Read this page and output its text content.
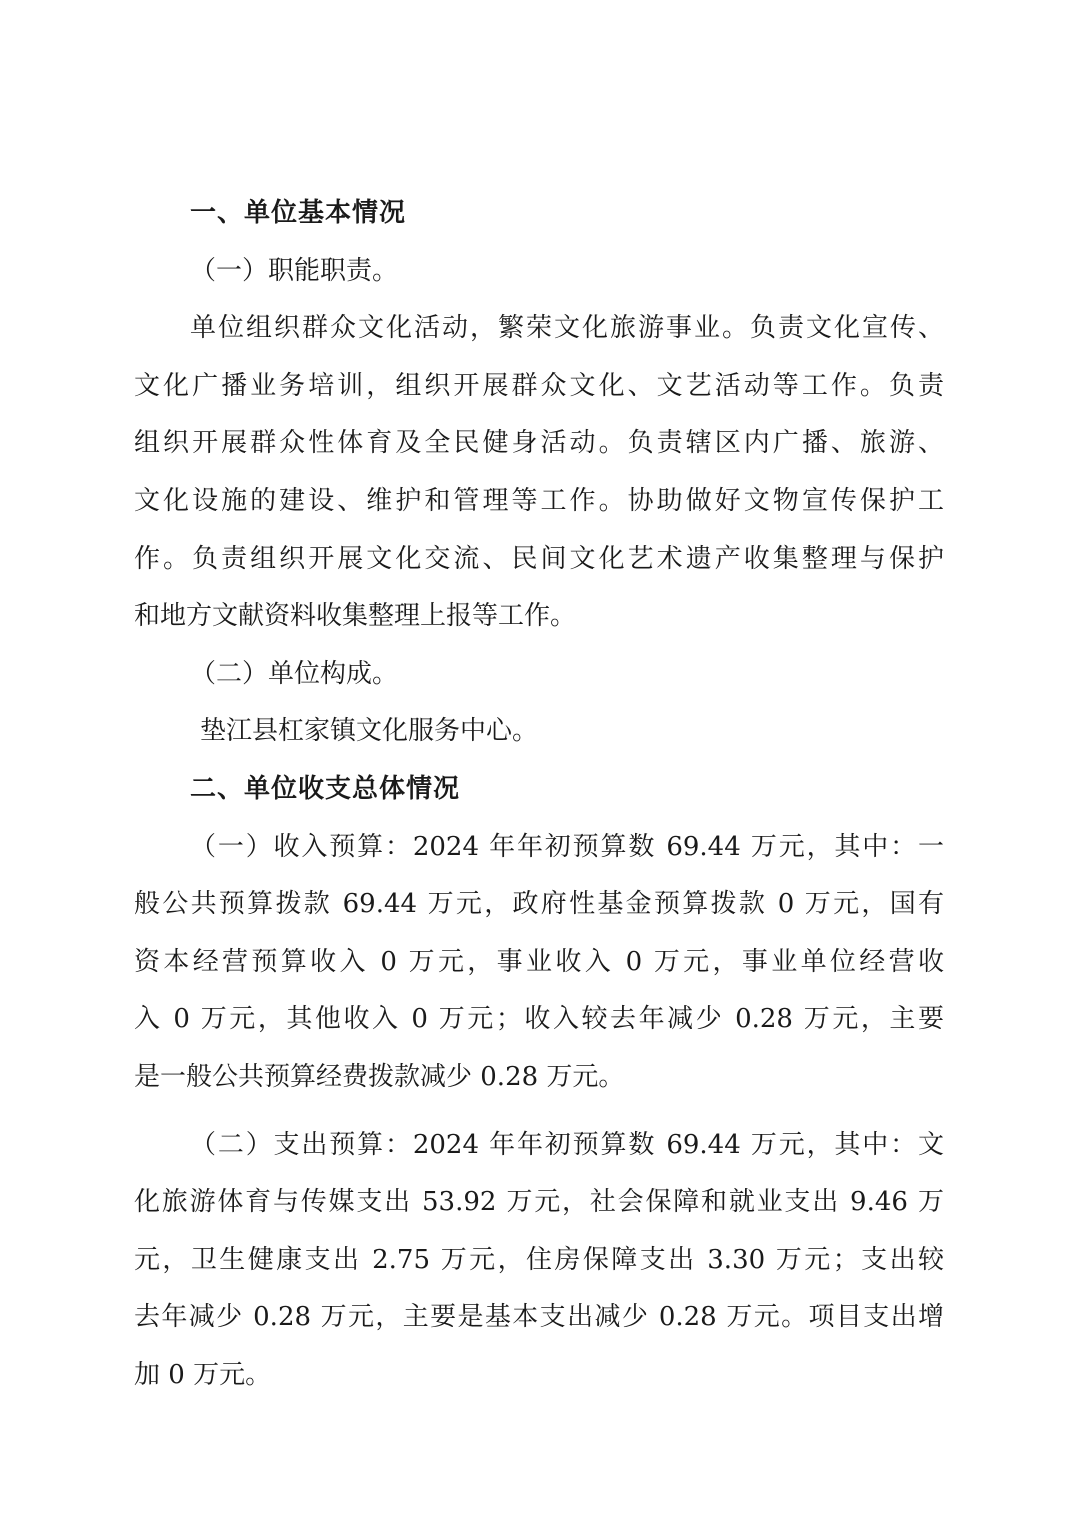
一、单位基本情况
（一）职能职责。
单位组织群众文化活动，繁荣文化旅游事业。负责文化宣传、
文化广播业务培训，组织开展群众文化、文艺活动等工作。负责
组织开展群众性体育及全民健身活动。负责辖区内广播、旅游、
文化设施的建设、维护和管理等工作。协助做好文物宣传保护工
作。负责组织开展文化交流、民间文化艺术遗产收集整理与保护
和地方文献资料收集整理上报等工作。
（二）单位构成。
垫江县杠家镇文化服务中心。
二、单位收支总体情况
（一）收入预算：2024 年年初预算数 69.44 万元，其中：一
般公共预算拨款 69.44 万元，政府性基金预算拨款 0 万元，国有
资本经营预算收入 0 万元，事业收入 0 万元，事业单位经营收
入 0 万元，其他收入 0 万元；收入较去年减少 0.28 万元，主要
是一般公共预算经费拨款减少 0.28 万元。
（二）支出预算：2024 年年初预算数 69.44 万元，其中：文
化旅游体育与传媒支出 53.92 万元，社会保障和就业支出 9.46 万
元，卫生健康支出 2.75 万元，住房保障支出 3.30 万元；支出较
去年减少 0.28 万元，主要是基本支出减少 0.28 万元。项目支出增
加 0 万元。
